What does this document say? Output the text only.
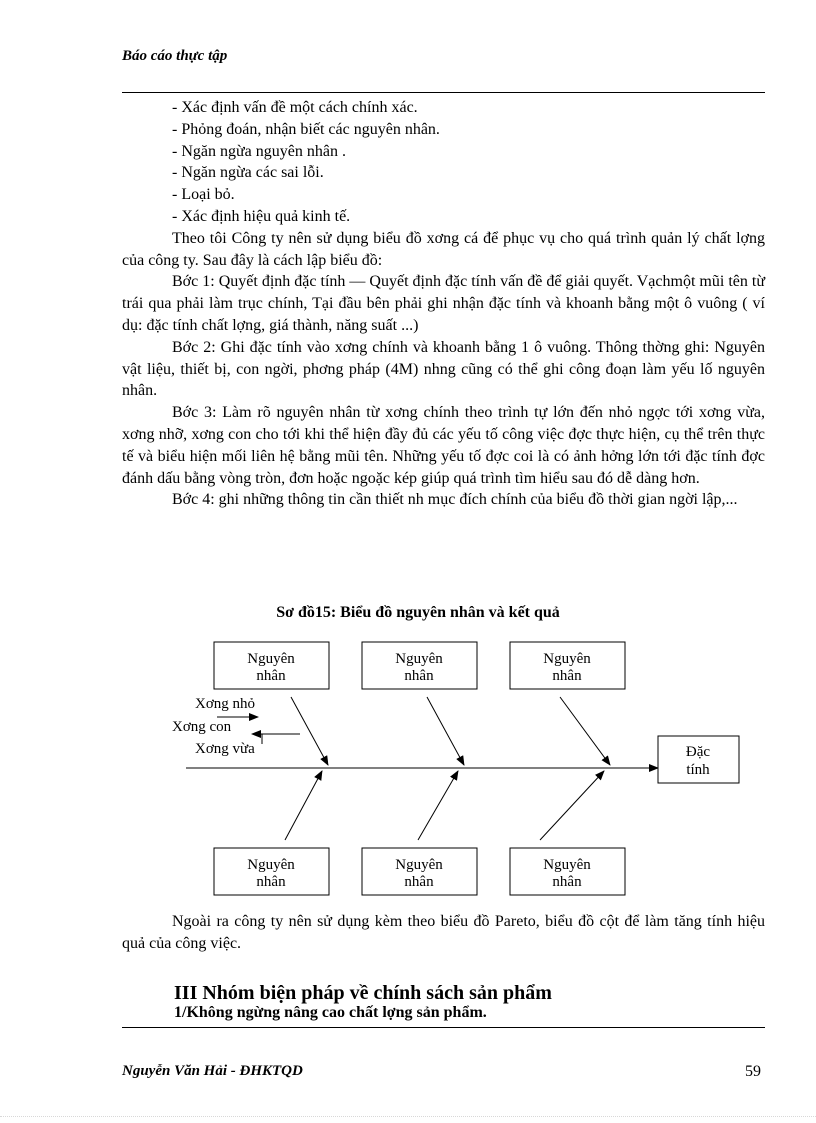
Báo cáo thực tập

- Xác định vấn đề một cách chính xác.

- Phỏng đoán, nhận biết các nguyên nhân.

- Ngăn ngừa nguyên nhân .

- Ngăn ngừa các sai lỗi.

- Loại bỏ.

- Xác định hiệu quả kinh tế.

Theo tôi Công ty nên sử dụng biểu đồ xơng cá để phục vụ cho quá trình quản lý chất lợng của công ty. Sau đây là cách lập biểu đồ:

Bớc 1: Quyết định đặc tính — Quyết định đặc tính vấn đề để giải quyết. Vạchmột mũi tên từ trái qua phải làm trục chính, Tại đầu bên phải ghi nhận đặc tính và khoanh bằng một ô vuông ( ví dụ: đặc tính chất lợng, giá thành, năng suất ...)

Bớc 2: Ghi đặc tính vào xơng chính và khoanh bằng 1 ô vuông. Thông thờng ghi: Nguyên vật liệu, thiết bị, con ngời, phơng pháp (4M) nhng cũng có thể ghi công đoạn làm yếu lố nguyên nhân.

Bớc 3: Làm rõ nguyên nhân từ xơng chính theo trình tự lớn đến nhỏ ngợc tới xơng vừa, xơng nhỡ, xơng con cho tới khi thể hiện đầy đủ các yếu tố công việc đợc thực hiện, cụ thể trên thực tế và biểu hiện mối liên hệ bằng mũi tên. Những yếu tố đợc coi là có ảnh hởng lớn tới đặc tính đợc đánh dấu bằng vòng tròn, đơn hoặc ngoặc kép giúp quá trình tìm hiểu sau đó dễ dàng hơn.

Bớc 4: ghi những thông tin cần thiết nh mục đích chính của biểu đồ thời gian ngời lập,...

Sơ đồ15: Biểu đồ nguyên nhân và kết quả
Đặc
tính
Nguyên
nhân
Nguyên
nhân
Nguyên
nhân
Nguyên
nhân
Nguyên
nhân
Nguyên
nhân
Xơng nhỏ
Xơng con
Xơng vừa

Ngoài ra công ty nên sử dụng kèm theo biểu đồ Pareto, biểu đồ cột để làm tăng tính hiệu quả của công việc.

III Nhóm biện pháp về chính sách sản phẩm
1/Không ngừng nâng cao chất lợng sản phẩm.
Nguyễn Văn Hải - ĐHKTQD	59
